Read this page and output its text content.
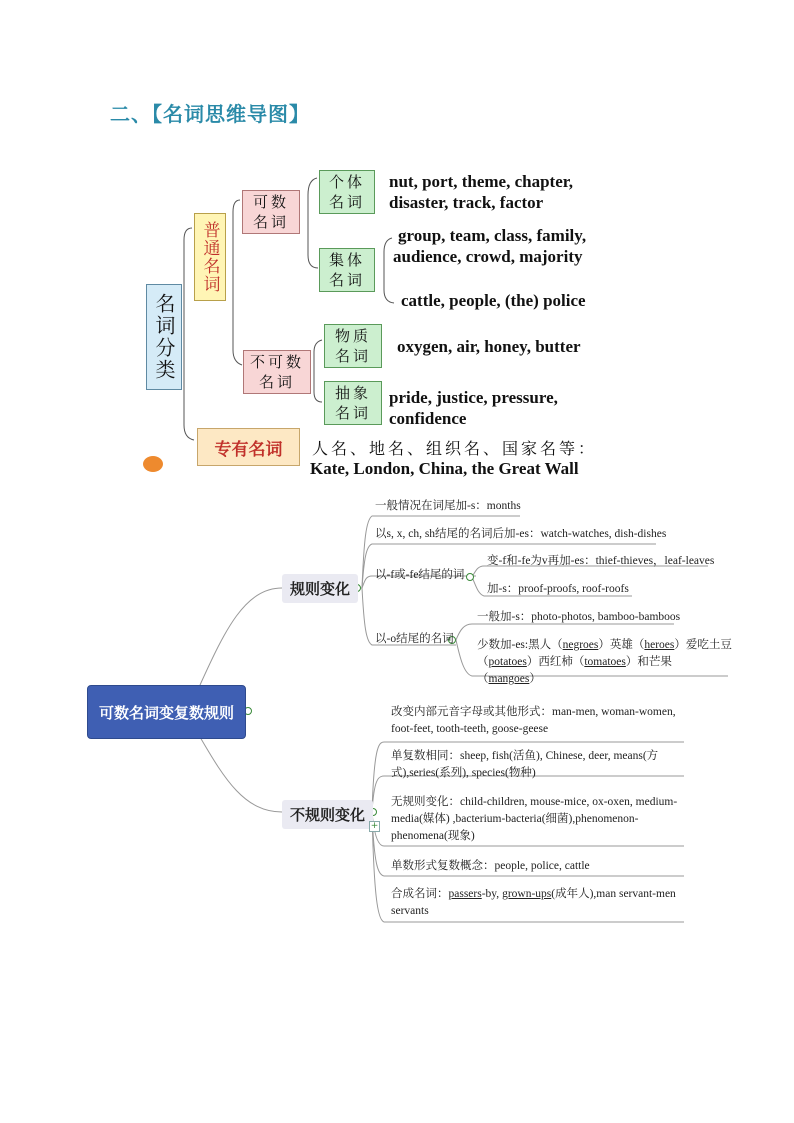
二、【名词思维导图】
名词分类
普通名词
可数名词
个体名词
nut, port, theme, chapter,
disaster, track, factor
集体名词
group, team, class, family,
audience, crowd, majority
cattle, people, (the) police
不可数名词
物质名词 oxygen, air, honey, butter
抽象名词
pride, justice, pressure,
confidence
专有名词 人名、地名、组织名、国家名等：
Kate, London, China, the Great Wall
可数名词变复数规则
规则变化
不规则变化
+
一般情况在词尾加-s：months
以s, x, ch, sh结尾的名词后加-es：watch-watches, dish-dishes
以-f或-fe结尾的词
变-f和-fe为v再加-es：thief-thieves，leaf-leaves
加-s：proof-proofs, roof-roofs
以-o结尾的名词
一般加-s：photo-photos, bamboo-bamboos
少数加-es:黑人（negroes）英雄（heroes）爱吃土豆
（potatoes）西红柿（tomatoes）和芒果（mangoes）
改变内部元音字母或其他形式：man-men, woman-women,
foot-feet, tooth-teeth, goose-geese
单复数相同：sheep, fish(活鱼), Chinese, deer, means(方
式),series(系列), species(物种)
无规则变化：child-children, mouse-mice, ox-oxen, medium-
media(媒体) ,bacterium-bacteria(细菌),phenomenon-
phenomena(现象)
单数形式复数概念：people, police, cattle
合成名词：passers-by, grown-ups(成年人),man servant-men
servants
